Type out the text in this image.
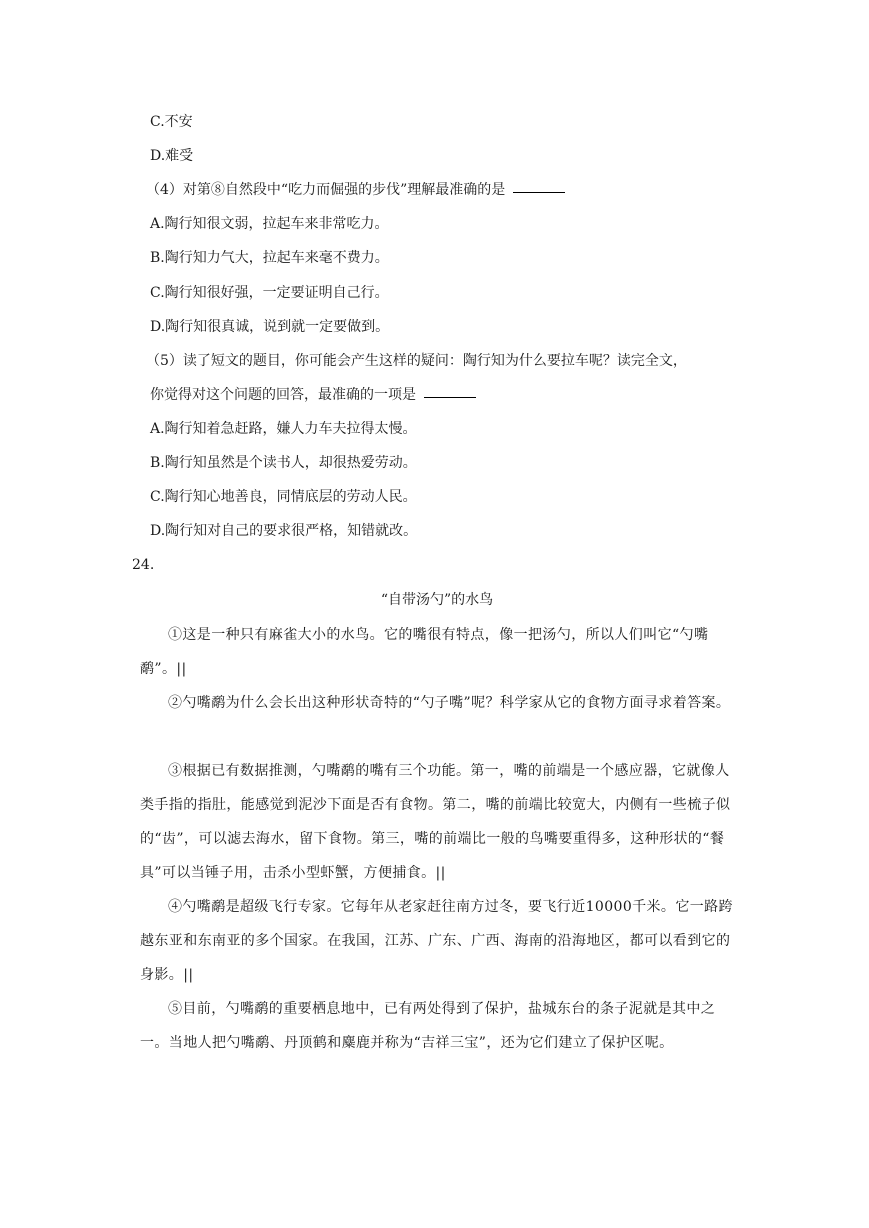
C.不安
D.难受
（4）对第⑧自然段中“吃力而倔强的步伐”理解最准确的是
A.陶行知很文弱，拉起车来非常吃力。
B.陶行知力气大，拉起车来毫不费力。
C.陶行知很好强，一定要证明自己行。
D.陶行知很真诚，说到就一定要做到。
（5）读了短文的题目，你可能会产生这样的疑问：陶行知为什么要拉车呢？读完全文，
你觉得对这个问题的回答，最准确的一项是
A.陶行知着急赶路，嫌人力车夫拉得太慢。
B.陶行知虽然是个读书人，却很热爱劳动。
C.陶行知心地善良，同情底层的劳动人民。
D.陶行知对自己的要求很严格，知错就改。
24.
“自带汤勺”的水鸟
①这是一种只有麻雀大小的水鸟。它的嘴很有特点，像一把汤勺，所以人们叫它“勺嘴鹬”。||
②勺嘴鹬为什么会长出这种形状奇特的“勺子嘴”呢？科学家从它的食物方面寻求着答案。
③根据已有数据推测，勺嘴鹬的嘴有三个功能。第一，嘴的前端是一个感应器，它就像人类手指的指肚，能感觉到泥沙下面是否有食物。第二，嘴的前端比较宽大，内侧有一些梳子似的“齿”，可以滤去海水，留下食物。第三，嘴的前端比一般的鸟嘴要重得多，这种形状的“餐具”可以当锤子用，击杀小型虾蟹，方便捕食。||
④勺嘴鹬是超级飞行专家。它每年从老家赶往南方过冬，要飞行近10000千米。它一路跨越东亚和东南亚的多个国家。在我国，江苏、广东、广西、海南的沿海地区，都可以看到它的身影。||
⑤目前，勺嘴鹬的重要栖息地中，已有两处得到了保护，盐城东台的条子泥就是其中之一。当地人把勺嘴鹬、丹顶鹤和麋鹿并称为“吉祥三宝”，还为它们建立了保护区呢。
